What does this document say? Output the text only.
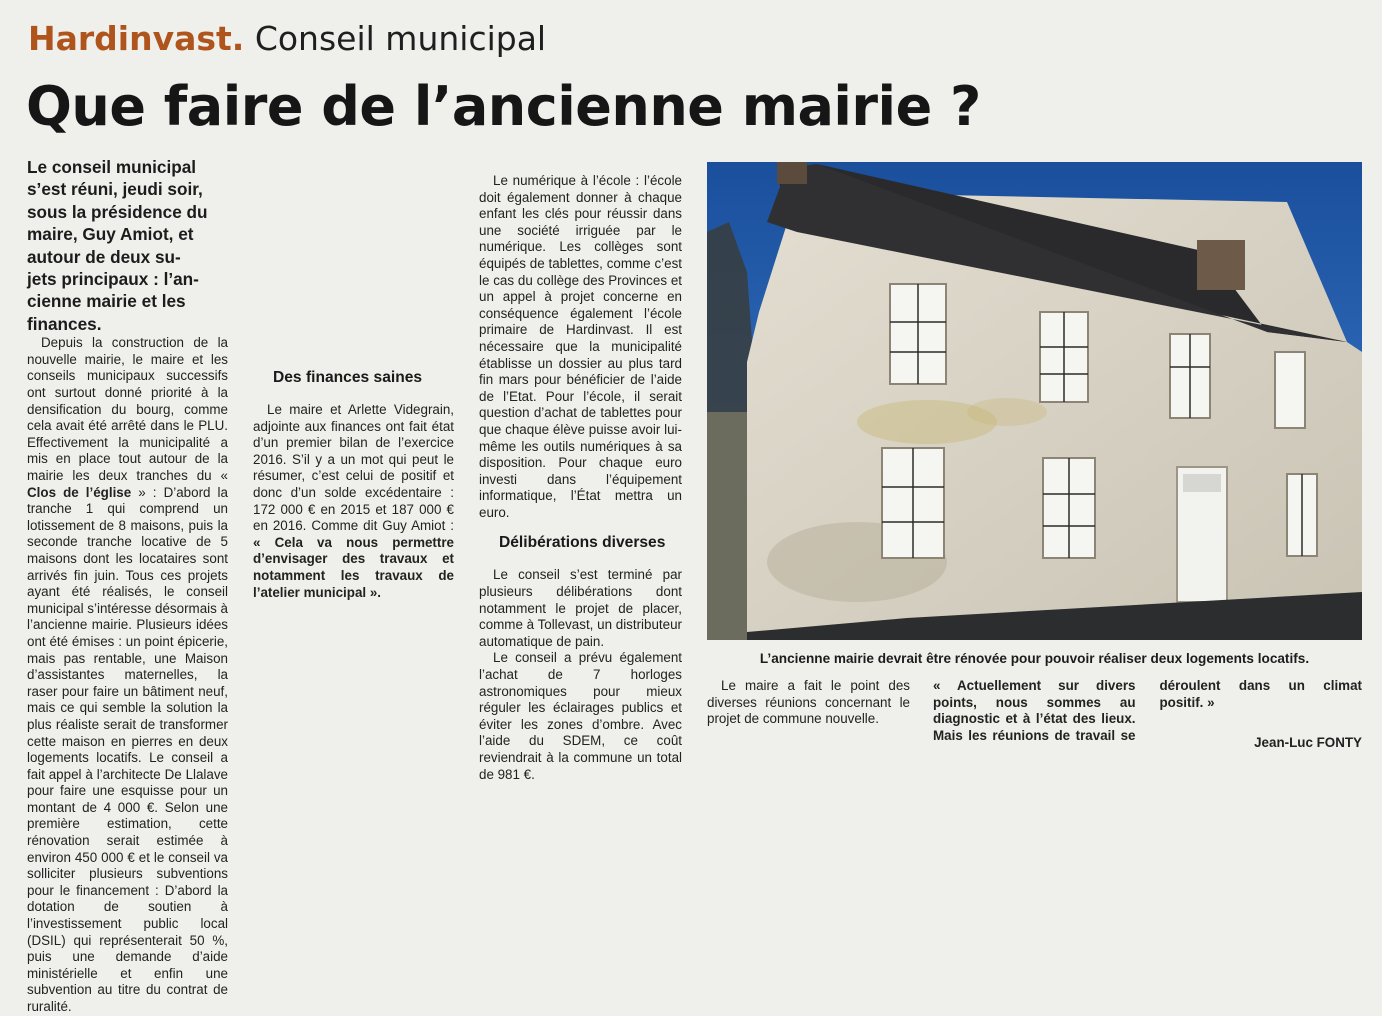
Hardinvast. Conseil municipal
Que faire de l’ancienne mairie ?

Le conseil municipal

s’est réuni, jeudi soir,

sous la présidence du

maire, Guy Amiot, et

autour de deux su-

jets principaux : l’an-

cienne mairie et les

finances.

Depuis la construction de la nouvelle mairie, le maire et les conseils municipaux successifs ont surtout donné priorité à la densification du bourg, comme cela avait été arrêté dans le PLU. Effectivement la municipalité a mis en place tout autour de la mairie les deux tranches du « Clos de l’église » : D’abord la tranche 1 qui comprend un lotissement de 8 maisons, puis la seconde tranche locative de 5 maisons dont les locataires sont arrivés fin juin. Tous ces projets ayant été réalisés, le conseil municipal s’intéresse désormais à l’ancienne mairie. Plusieurs idées ont été émises : un point épicerie, mais pas rentable, une Maison d’assistantes maternelles, la raser pour faire un bâtiment neuf, mais ce qui semble la solution la plus réaliste serait de transformer cette maison en pierres en deux logements locatifs. Le conseil a fait appel à l’architecte De Llalave pour faire une esquisse pour un montant de 4 000 €. Selon une première estimation, cette rénovation serait estimée à environ 450 000 € et le conseil va solliciter plusieurs subventions pour le financement : D’abord la dotation de soutien à l’investissement public local (DSIL) qui représenterait 50 %, puis une demande d’aide ministérielle et enfin une subvention au titre du contrat de ruralité.

Des finances saines

Le maire et Arlette Videgrain, adjointe aux finances ont fait état d’un premier bilan de l’exercice 2016. S’il y a un mot qui peut le résumer, c’est celui de positif et donc d’un solde excédentaire : 172 000 € en 2015 et 187 000 € en 2016. Comme dit Guy Amiot : « Cela va nous permettre d’envisager des travaux et notamment les travaux de l’atelier municipal ».

Le numérique à l’école : l’école doit également donner à chaque enfant les clés pour réussir dans une société irriguée par le numérique. Les collèges sont équipés de tablettes, comme c’est le cas du collège des Provinces et un appel à projet concerne en conséquence également l’école primaire de Hardinvast. Il est nécessaire que la municipalité établisse un dossier au plus tard fin mars pour bénéficier de l’aide de l’Etat. Pour l’école, il serait question d’achat de tablettes pour que chaque élève puisse avoir lui-même les outils numériques à sa disposition. Pour chaque euro investi dans l’équipement informatique, l’État mettra un euro.

Délibérations diverses

Le conseil s’est terminé par plusieurs délibérations dont notamment le projet de placer, comme à Tollevast, un distributeur automatique de pain.

Le conseil a prévu également l’achat de 7 horloges astronomiques pour mieux réguler les éclairages publics et éviter les zones d’ombre. Avec l’aide du SDEM, ce coût reviendrait à la commune un total de 981 €.

L’ancienne mairie devrait être rénovée pour pouvoir réaliser deux logements locatifs.

Le maire a fait le point des diverses réunions concernant le projet de commune nouvelle.

« Actuellement sur divers points, nous sommes au diagnostic et à l’état des lieux. Mais les réunions de travail se déroulent dans un climat positif. »

Jean-Luc FONTY
